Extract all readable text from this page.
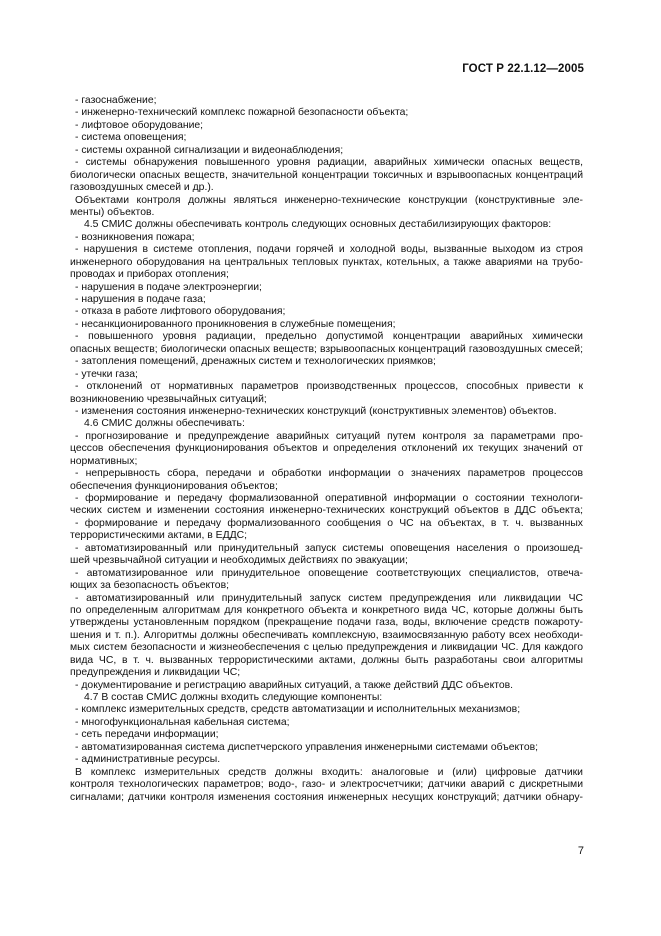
ГОСТ Р 22.1.12—2005
- газоснабжение;
- инженерно-технический комплекс пожарной безопасности объекта;
- лифтовое оборудование;
- система оповещения;
- системы охранной сигнализации и видеонаблюдения;
- системы обнаружения повышенного уровня радиации, аварийных химически опасных веществ,
биологически опасных веществ, значительной концентрации токсичных и взрывоопасных концентраций
газовоздушных смесей и др.).
Объектами контроля должны являться инженерно-технические конструкции (конструктивные эле-
менты) объектов.
4.5 СМИС должны обеспечивать контроль следующих основных дестабилизирующих факторов:
- возникновения пожара;
- нарушения в системе отопления, подачи горячей и холодной воды, вызванные выходом из строя
инженерного оборудования на центральных тепловых пунктах, котельных, а также авариями на трубо-
проводах и приборах отопления;
- нарушения в подаче электроэнергии;
- нарушения в подаче газа;
- отказа в работе лифтового оборудования;
- несанкционированного проникновения в служебные помещения;
- повышенного уровня радиации, предельно допустимой концентрации аварийных химически
опасных веществ; биологически опасных веществ; взрывоопасных концентраций газовоздушных смесей;
- затопления помещений, дренажных систем и технологических приямков;
- утечки газа;
- отклонений от нормативных параметров производственных процессов, способных привести к
возникновению чрезвычайных ситуаций;
- изменения состояния инженерно-технических конструкций (конструктивных элементов) объектов.
4.6 СМИС должны обеспечивать:
- прогнозирование и предупреждение аварийных ситуаций путем контроля за параметрами про-
цессов обеспечения функционирования объектов и определения отклонений их текущих значений от
нормативных;
- непрерывность сбора, передачи и обработки информации о значениях параметров процессов
обеспечения функционирования объектов;
- формирование и передачу формализованной оперативной информации о состоянии технологи-
ческих систем и изменении состояния инженерно-технических конструкций объектов в ДДС объекта;
- формирование и передачу формализованного сообщения о ЧС на объектах, в т. ч. вызванных
террористическими актами, в ЕДДС;
- автоматизированный или принудительный запуск системы оповещения населения о произошед-
шей чрезвычайной ситуации и необходимых действиях по эвакуации;
- автоматизированное или принудительное оповещение соответствующих специалистов, отвеча-
ющих за безопасность объектов;
- автоматизированный или принудительный запуск систем предупреждения или ликвидации ЧС
по определенным алгоритмам для конкретного объекта и конкретного вида ЧС, которые должны быть
утверждены установленным порядком (прекращение подачи газа, воды, включение средств пожароту-
шения и т. п.). Алгоритмы должны обеспечивать комплексную, взаимосвязанную работу всех необходи-
мых систем безопасности и жизнеобеспечения с целью предупреждения и ликвидации ЧС. Для каждого
вида ЧС, в т. ч. вызванных террористическими актами, должны быть разработаны свои алгоритмы
предупреждения и ликвидации ЧС;
- документирование и регистрацию аварийных ситуаций, а также действий ДДС объектов.
4.7 В состав СМИС должны входить следующие компоненты:
- комплекс измерительных средств, средств автоматизации и исполнительных механизмов;
- многофункциональная кабельная система;
- сеть передачи информации;
- автоматизированная система диспетчерского управления инженерными системами объектов;
- административные ресурсы.
В комплекс измерительных средств должны входить: аналоговые и (или) цифровые датчики
контроля технологических параметров; водо-, газо- и электросчетчики; датчики аварий с дискретными
сигналами; датчики контроля изменения состояния инженерных несущих конструкций; датчики обнару-
7
